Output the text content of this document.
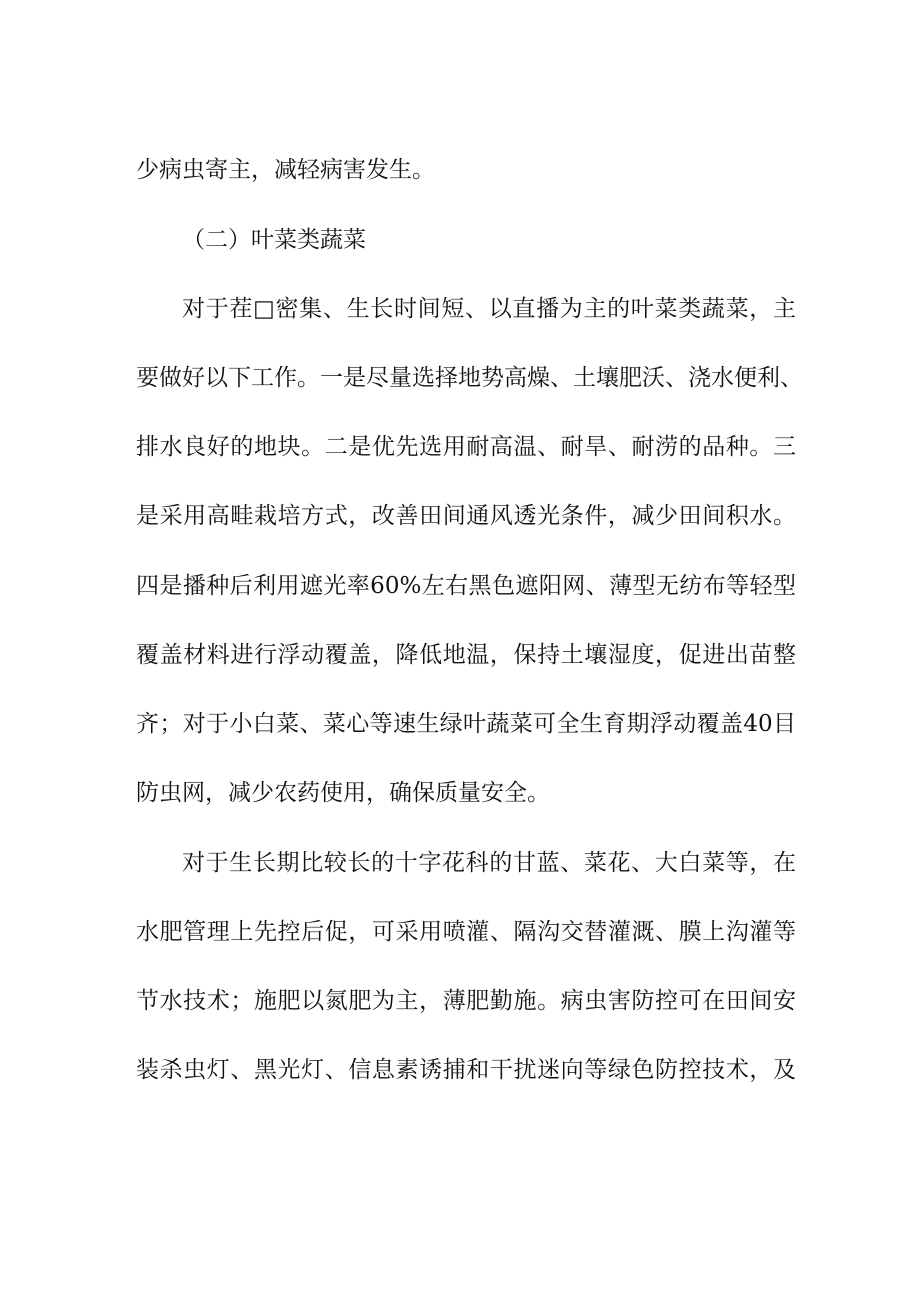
少病虫寄主，减轻病害发生。
（二）叶菜类蔬菜
对于茬□密集、生长时间短、以直播为主的叶菜类蔬菜，主
要做好以下工作。一是尽量选择地势高燥、土壤肥沃、浇水便利、
排水良好的地块。二是优先选用耐高温、耐旱、耐涝的品种。三
是采用高畦栽培方式，改善田间通风透光条件，减少田间积水。
四是播种后利用遮光率60%左右黑色遮阳网、薄型无纺布等轻型
覆盖材料进行浮动覆盖，降低地温，保持土壤湿度，促进出苗整
齐；对于小白菜、菜心等速生绿叶蔬菜可全生育期浮动覆盖40目
防虫网，减少农药使用，确保质量安全。
对于生长期比较长的十字花科的甘蓝、菜花、大白菜等，在
水肥管理上先控后促，可采用喷灌、隔沟交替灌溉、膜上沟灌等
节水技术；施肥以氮肥为主，薄肥勤施。病虫害防控可在田间安
装杀虫灯、黑光灯、信息素诱捕和干扰迷向等绿色防控技术，及
